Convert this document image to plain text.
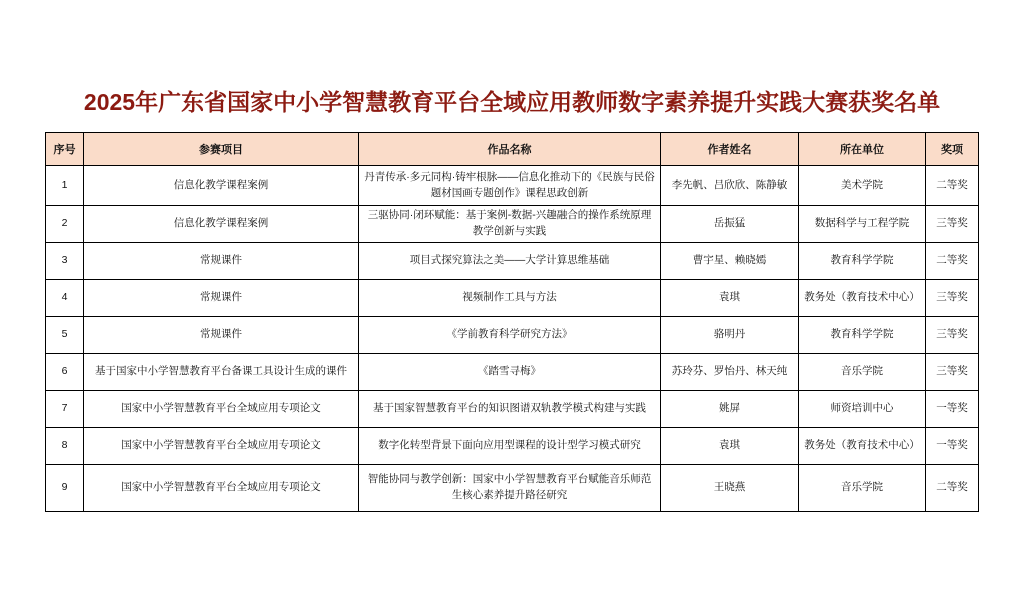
2025年广东省国家中小学智慧教育平台全域应用教师数字素养提升实践大赛获奖名单
序号	参赛项目	作品名称	作者姓名	所在单位	奖项
1	信息化教学课程案例	丹青传承·多元同构·铸牢根脉——信息化推动下的《民族与民俗题材国画专题创作》课程思政创新	李先帆、吕欣欣、陈静敏	美术学院	二等奖
2	信息化教学课程案例	三驱协同·闭环赋能：基于案例-数据-兴趣融合的操作系统原理教学创新与实践	岳振猛	数据科学与工程学院	三等奖
3	常规课件	项目式探究算法之美——大学计算思维基础	曹宇星、赖晓嫣	教育科学学院	二等奖
4	常规课件	视频制作工具与方法	袁琪	教务处（教育技术中心）	三等奖
5	常规课件	《学前教育科学研究方法》	骆明丹	教育科学学院	三等奖
6	基于国家中小学智慧教育平台备课工具设计生成的课件	《踏雪寻梅》	苏玲芬、罗怡丹、林天纯	音乐学院	三等奖
7	国家中小学智慧教育平台全域应用专项论文	基于国家智慧教育平台的知识图谱双轨教学模式构建与实践	姚屏	师资培训中心	一等奖
8	国家中小学智慧教育平台全域应用专项论文	数字化转型背景下面向应用型课程的设计型学习模式研究	袁琪	教务处（教育技术中心）	一等奖
9	国家中小学智慧教育平台全域应用专项论文	智能协同与教学创新：国家中小学智慧教育平台赋能音乐师范生核心素养提升路径研究	王晓燕	音乐学院	二等奖
